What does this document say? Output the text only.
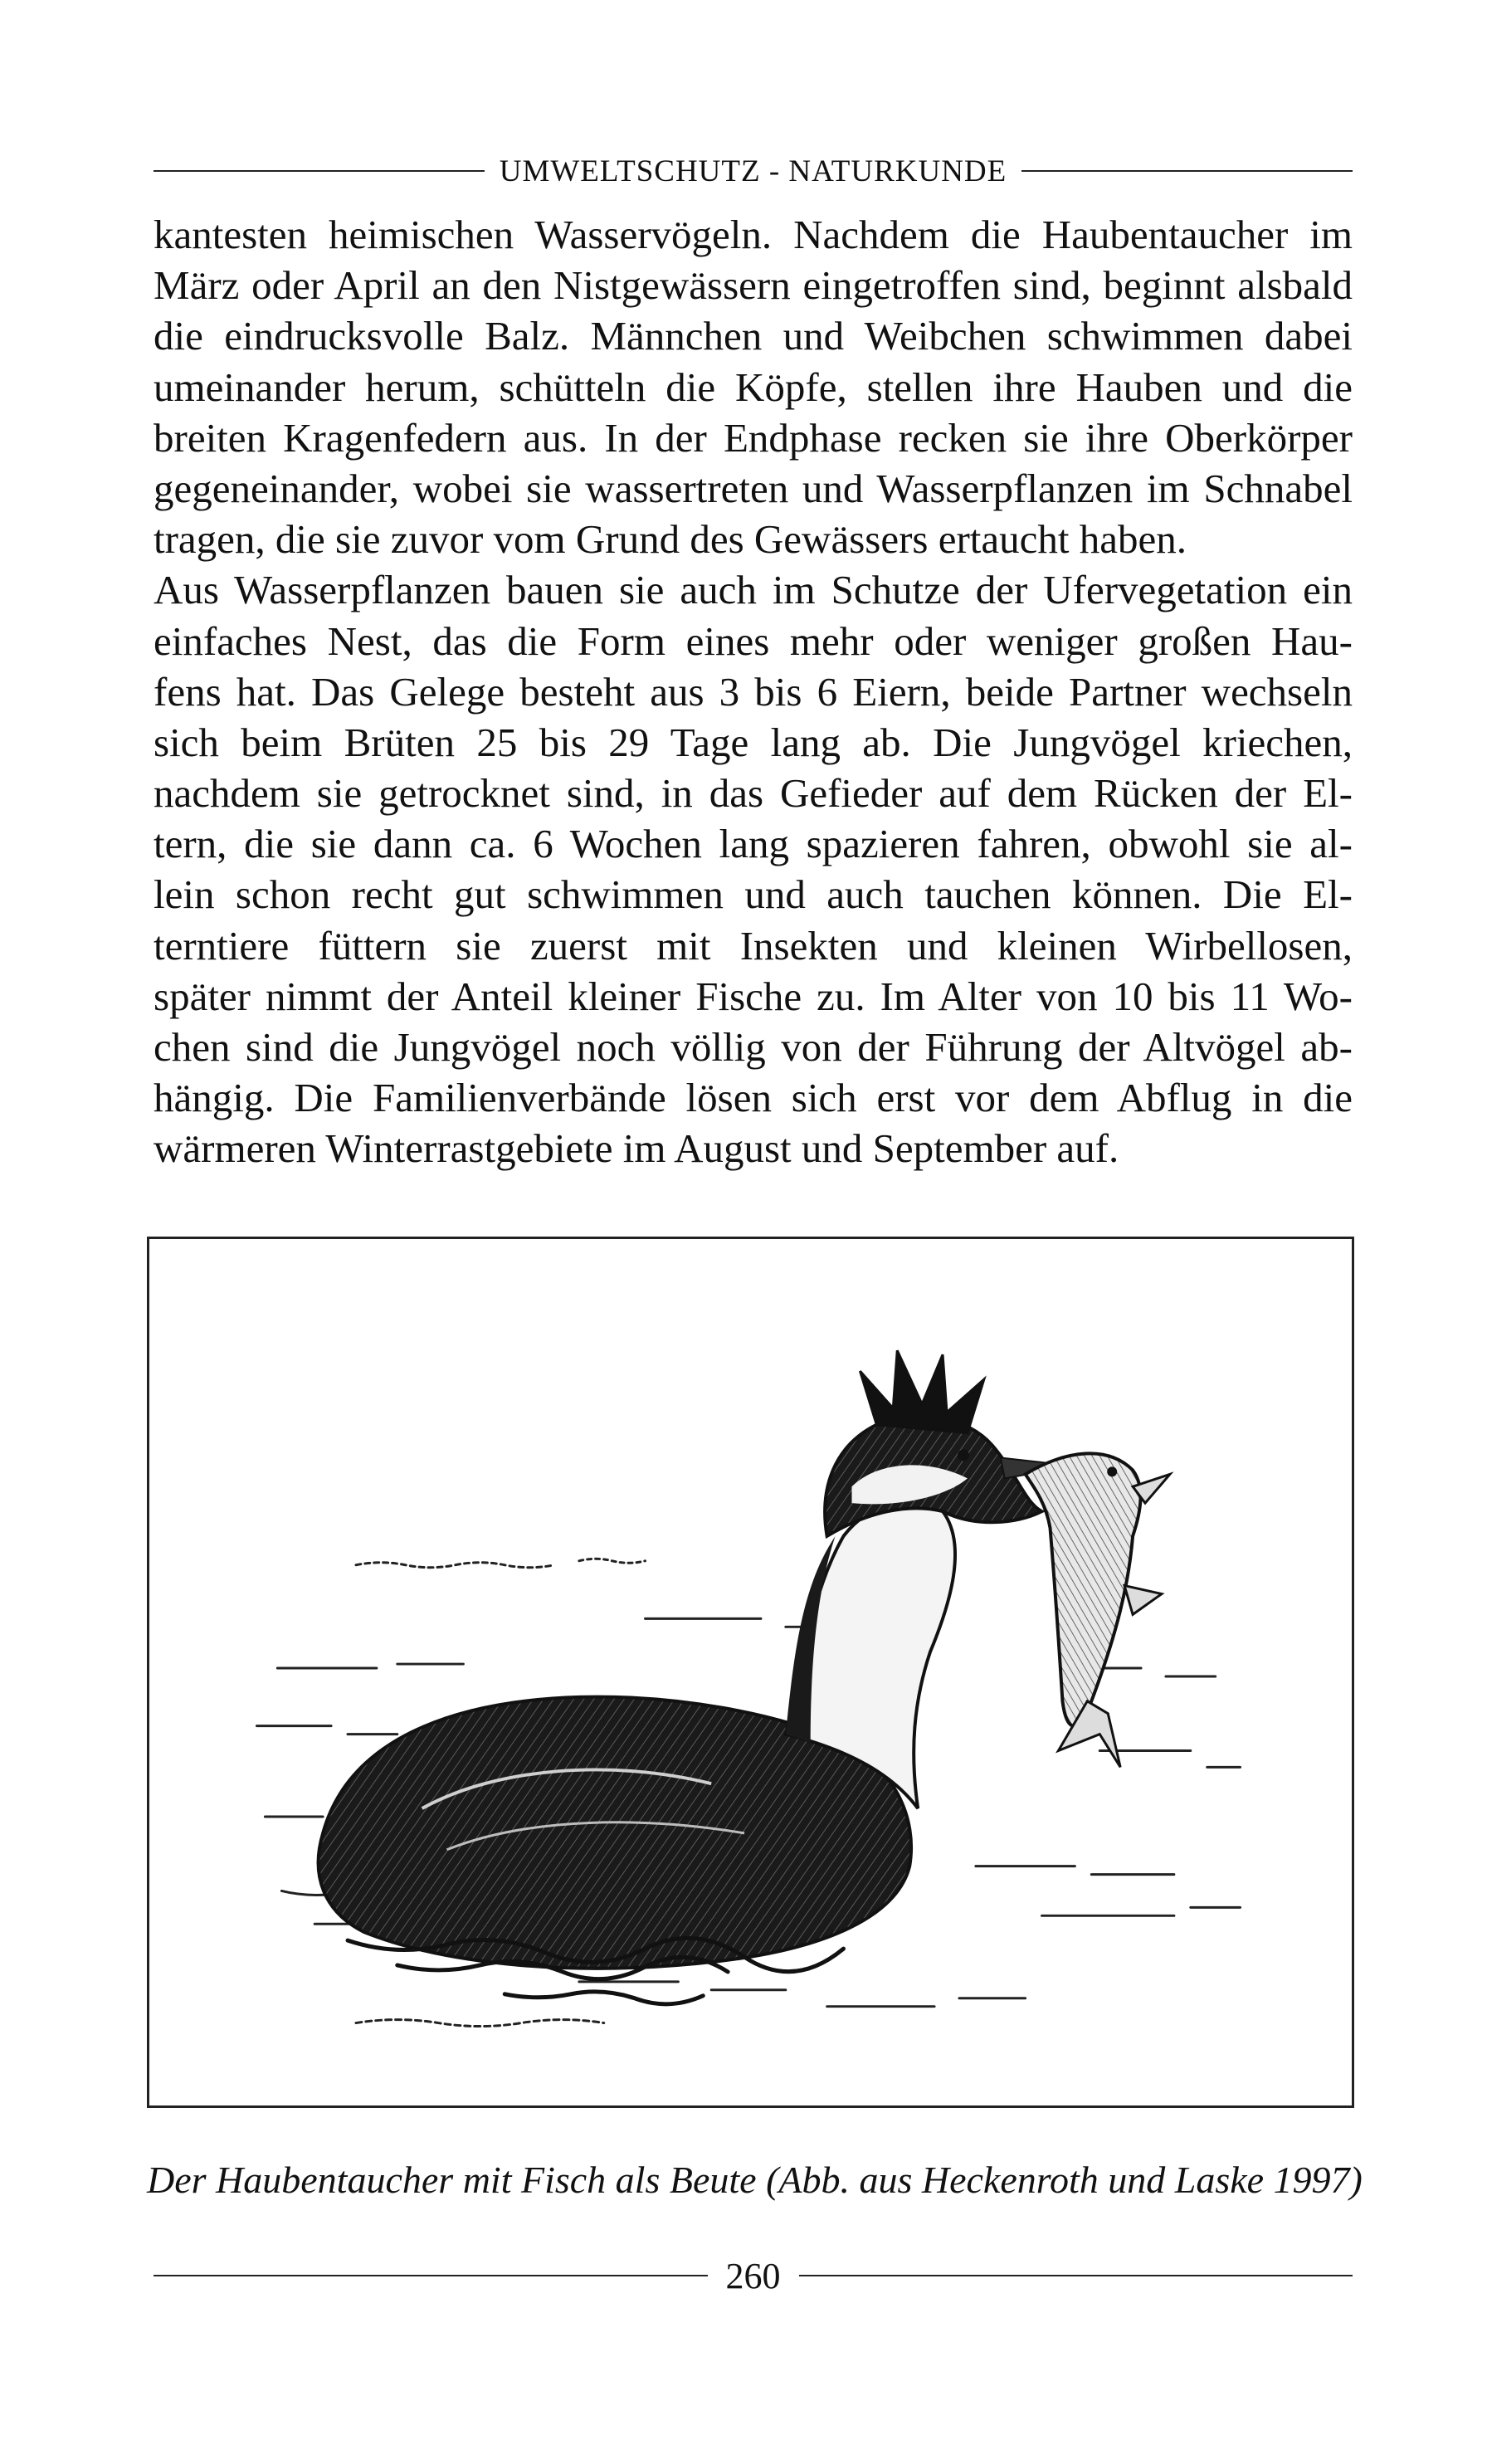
UMWELTSCHUTZ - NATURKUNDE
kantesten heimischen Wasservögeln. Nachdem die Haubentaucher im
März oder April an den Nistgewässern eingetroffen sind, beginnt alsbald
die eindrucksvolle Balz. Männchen und Weibchen schwimmen dabei
umeinander herum, schütteln die Köpfe, stellen ihre Hauben und die
breiten Kragenfedern aus. In der Endphase recken sie ihre Oberkörper
gegeneinander, wobei sie wassertreten und Wasserpflanzen im Schnabel
tragen, die sie zuvor vom Grund des Gewässers ertaucht haben.
Aus Wasserpflanzen bauen sie auch im Schutze der Ufervegetation ein
einfaches Nest, das die Form eines mehr oder weniger großen Hau-
fens hat. Das Gelege besteht aus 3 bis 6 Eiern, beide Partner wechseln
sich beim Brüten 25 bis 29 Tage lang ab. Die Jungvögel kriechen,
nachdem sie getrocknet sind, in das Gefieder auf dem Rücken der El-
tern, die sie dann ca. 6 Wochen lang spazieren fahren, obwohl sie al-
lein schon recht gut schwimmen und auch tauchen können. Die El-
terntiere füttern sie zuerst mit Insekten und kleinen Wirbellosen,
später nimmt der Anteil kleiner Fische zu. Im Alter von 10 bis 11 Wo-
chen sind die Jungvögel noch völlig von der Führung der Altvögel ab-
hängig. Die Familienverbände lösen sich erst vor dem Abflug in die
wärmeren Winterrastgebiete im August und September auf.
Der Haubentaucher mit Fisch als Beute (Abb. aus Heckenroth und Laske 1997)
260
